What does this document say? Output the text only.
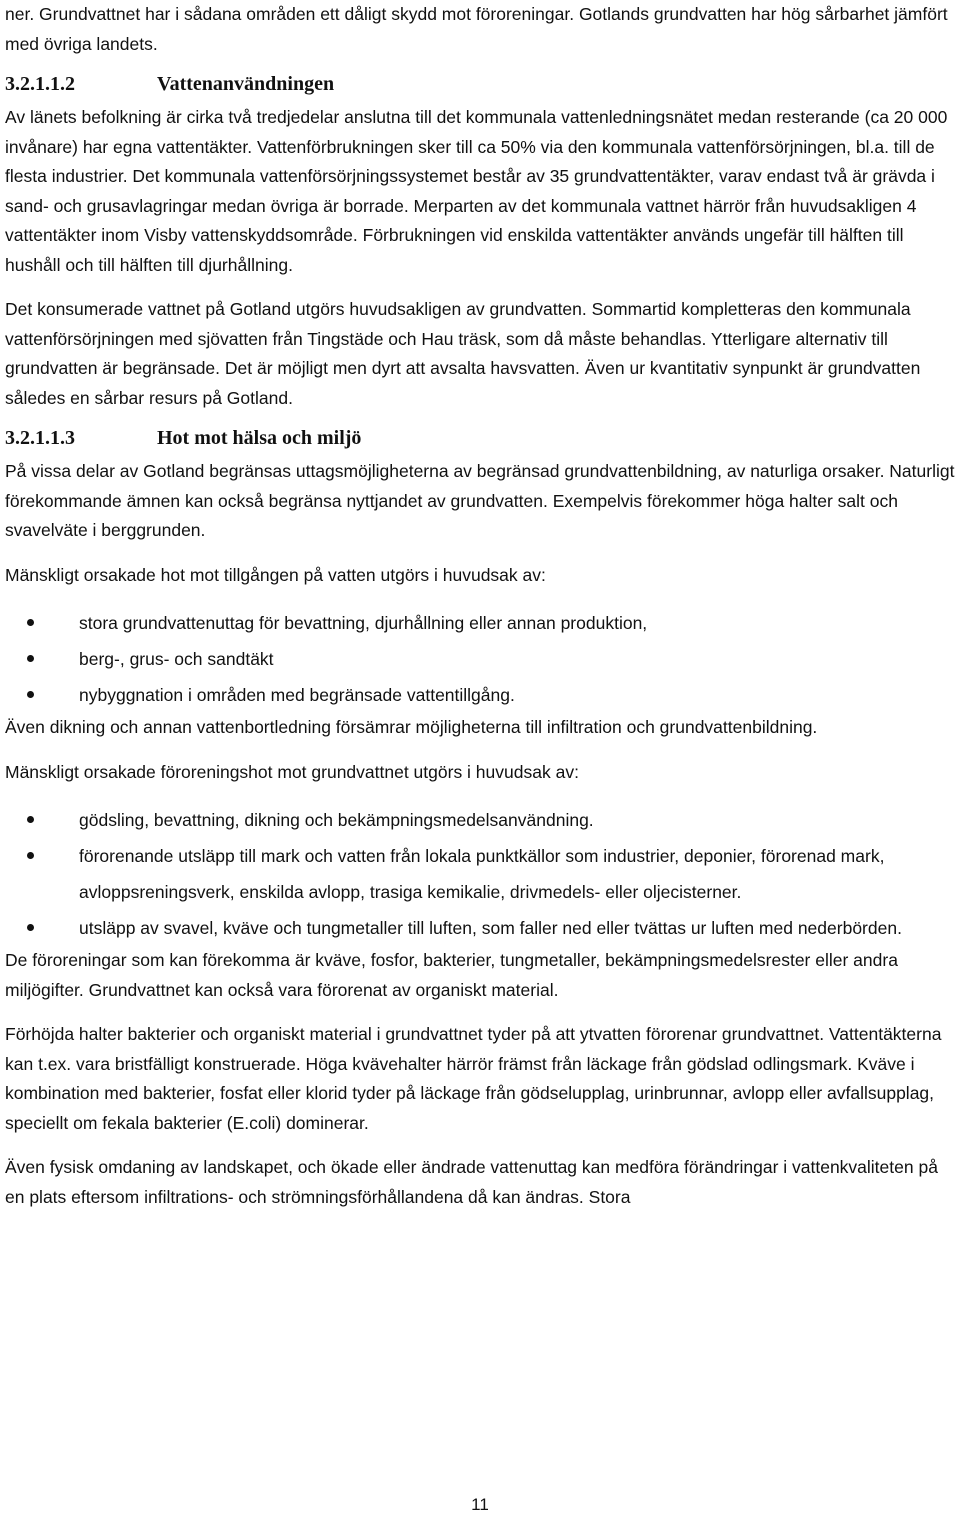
ner. Grundvattnet har i sådana områden ett dåligt skydd mot föroreningar. Gotlands grundvatten har hög sårbarhet jämfört med övriga landets.

3.2.1.1.2	Vattenanvändningen

Av länets befolkning är cirka två tredjedelar anslutna till det kommunala vattenledningsnätet medan resterande (ca 20 000 invånare) har egna vattentäkter. Vattenförbrukningen sker till ca 50% via den kommunala vattenförsörjningen, bl.a. till de flesta industrier. Det kommunala vattenförsörjningssystemet består av 35 grundvattentäkter, varav endast två är grävda i sand- och grusavlagringar medan övriga är borrade. Merparten av det kommunala vattnet härrör från huvudsakligen 4 vattentäkter inom Visby vattenskyddsområde. Förbrukningen vid enskilda vattentäkter används ungefär till hälften till hushåll och till hälften till djurhållning.

Det konsumerade vattnet på Gotland utgörs huvudsakligen av grundvatten. Sommartid kompletteras den kommunala vattenförsörjningen med sjövatten från Tingstäde och Hau träsk, som då måste behandlas. Ytterligare alternativ till grundvatten är begränsade. Det är möjligt men dyrt att avsalta havsvatten. Även ur kvantitativ synpunkt är grundvatten således en sårbar resurs på Gotland.

3.2.1.1.3	Hot mot hälsa och miljö

På vissa delar av Gotland begränsas uttagsmöjligheterna av begränsad grundvattenbildning, av naturliga orsaker. Naturligt förekommande ämnen kan också begränsa nyttjandet av grundvatten. Exempelvis förekommer höga halter salt och svavelväte i berggrunden.

Mänskligt orsakade hot mot tillgången på vatten utgörs i huvudsak av:

stora grundvattenuttag för bevattning, djurhållning eller annan produktion,
berg-, grus- och sandtäkt
nybyggnation i områden med begränsade vattentillgång.

Även dikning och annan vattenbortledning försämrar möjligheterna till infiltration och grundvattenbildning.

Mänskligt orsakade föroreningshot mot grundvattnet utgörs i huvudsak av:

gödsling, bevattning, dikning och bekämpningsmedelsanvändning.
förorenande utsläpp till mark och vatten från lokala punktkällor som industrier, deponier, förorenad mark, avloppsreningsverk, enskilda avlopp, trasiga kemikalie, drivmedels- eller oljecisterner.
utsläpp av svavel, kväve och tungmetaller till luften, som faller ned eller tvättas ur luften med nederbörden.

De föroreningar som kan förekomma är kväve, fosfor, bakterier, tungmetaller, bekämpningsmedelsrester eller andra miljögifter. Grundvattnet kan också vara förorenat av organiskt material.

Förhöjda halter bakterier och organiskt material i grundvattnet tyder på att ytvatten förorenar grundvattnet. Vattentäkterna kan t.ex. vara bristfälligt konstruerade. Höga kvävehalter härrör främst från läckage från gödslad odlingsmark. Kväve i kombination med bakterier, fosfat eller klorid tyder på läckage från gödselupplag, urinbrunnar, avlopp eller avfallsupplag, speciellt om fekala bakterier (E.coli) dominerar.

Även fysisk omdaning av landskapet, och ökade eller ändrade vattenuttag kan medföra förändringar i vattenkvaliteten på en plats eftersom infiltrations- och strömningsförhållandena då kan ändras. Stora

11
